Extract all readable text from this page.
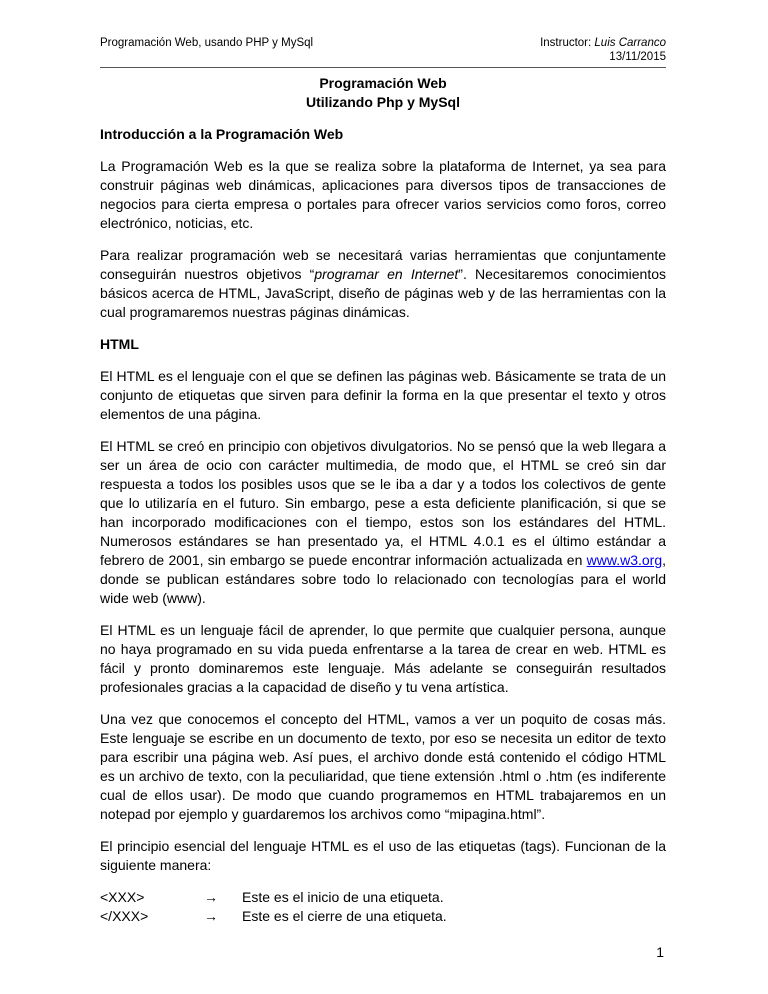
Programación Web, usando PHP y MySql	Instructor: Luis Carranco
13/11/2015
Programación Web
Utilizando Php y MySql
Introducción a la Programación Web

La Programación Web es la que se realiza sobre la plataforma de Internet, ya sea para construir páginas web dinámicas, aplicaciones para diversos tipos de transacciones de negocios para cierta empresa o portales para ofrecer varios servicios como foros, correo electrónico, noticias, etc.

Para realizar programación web se necesitará varias herramientas que conjuntamente conseguirán nuestros objetivos “programar en Internet”. Necesitaremos conocimientos básicos acerca de HTML, JavaScript, diseño de páginas web y de las herramientas con la cual programaremos nuestras páginas dinámicas.

HTML

El HTML es el lenguaje con el que se definen las páginas web. Básicamente se trata de un conjunto de etiquetas que sirven para definir la forma en la que presentar el texto y otros elementos de una página.

El HTML se creó en principio con objetivos divulgatorios. No se pensó que la web llegara a ser un área de ocio con carácter multimedia, de modo que, el HTML se creó sin dar respuesta a todos los posibles usos que se le iba a dar y a todos los colectivos de gente que lo utilizaría en el futuro. Sin embargo, pese a esta deficiente planificación, si que se han incorporado modificaciones con el tiempo, estos son los estándares del HTML. Numerosos estándares se han presentado ya, el HTML 4.0.1 es el último estándar a febrero de 2001, sin embargo se puede encontrar información actualizada en www.w3.org, donde se publican estándares sobre todo lo relacionado con tecnologías para el world wide web (www).

El HTML es un lenguaje fácil de aprender, lo que permite que cualquier persona, aunque no haya programado en su vida pueda enfrentarse a la tarea de crear en web. HTML es fácil y pronto dominaremos este lenguaje. Más adelante se conseguirán resultados profesionales gracias a la capacidad de diseño y tu vena artística.

Una vez que conocemos el concepto del HTML, vamos a ver un poquito de cosas más. Este lenguaje se escribe en un documento de texto, por eso se necesita un editor de texto para escribir una página web. Así pues, el archivo donde está contenido el código HTML es un archivo de texto, con la peculiaridad, que tiene extensión .html o .htm (es indiferente cual de ellos usar). De modo que cuando programemos en HTML trabajaremos en un notepad por ejemplo y guardaremos los archivos como “mipagina.html”.

El principio esencial del lenguaje HTML es el uso de las etiquetas (tags). Funcionan de la siguiente manera:

<XXX>	→	Este es el inicio de una etiqueta.
</XXX>	→	Este es el cierre de una etiqueta.
1
